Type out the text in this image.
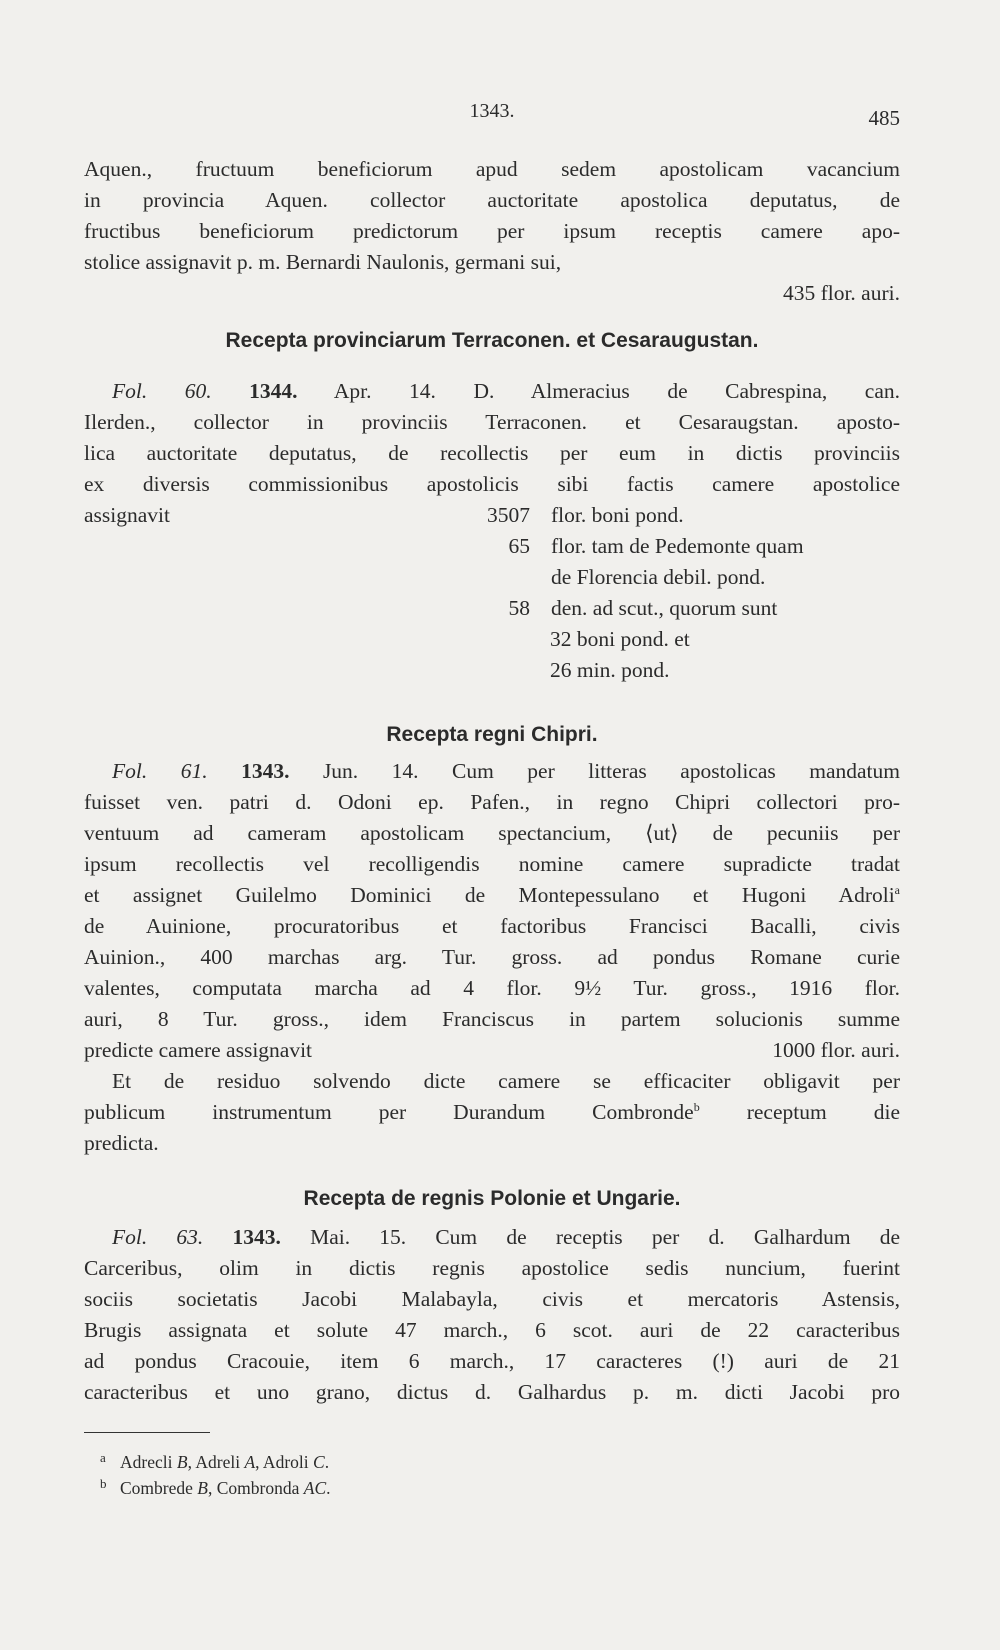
1343.	485
Aquen., fructuum beneficiorum apud sedem apostolicam vacancium
in provincia Aquen. collector auctoritate apostolica deputatus, de
fructibus beneficiorum predictorum per ipsum receptis camere apo-
stolice assignavit p. m. Bernardi Naulonis, germani sui,
435 flor. auri.
Recepta provinciarum Terraconen. et Cesaraugustan.
Fol. 60. 1344. Apr. 14. D. Almeracius de Cabrespina, can.
Ilerden., collector in provinciis Terraconen. et Cesaraugstan. aposto-
lica auctoritate deputatus, de recollectis per eum in dictis provinciis
ex diversis commissionibus apostolicis sibi factis camere apostolice
assignavit	3507 flor. boni pond.
65 flor. tam de Pedemonte quam
de Florencia debil. pond.
58 den. ad scut., quorum sunt
32 boni pond. et
26 min. pond.
Recepta regni Chipri.
Fol. 61. 1343. Jun. 14. Cum per litteras apostolicas mandatum
fuisset ven. patri d. Odoni ep. Pafen., in regno Chipri collectori pro-
ventuum ad cameram apostolicam spectancium, ⟨ut⟩ de pecuniis per
ipsum recollectis vel recolligendis nomine camere supradicte tradat
et assignet Guilelmo Dominici de Montepessulano et Hugoni Adroli$^a$
de Auinione, procuratoribus et factoribus Francisci Bacalli, civis
Auinion., 400 marchas arg. Tur. gross. ad pondus Romane curie
valentes, computata marcha ad 4 flor. 9½ Tur. gross., 1916 flor.
auri, 8 Tur. gross., idem Franciscus in partem solucionis summe
predicte camere assignavit	1000 flor. auri.
Et de residuo solvendo dicte camere se efficaciter obligavit per
publicum instrumentum per Durandum Combronde$^b$ receptum die
predicta.
Recepta de regnis Polonie et Ungarie.
Fol. 63. 1343. Mai. 15. Cum de receptis per d. Galhardum de
Carceribus, olim in dictis regnis apostolice sedis nuncium, fuerint
sociis societatis Jacobi Malabayla, civis et mercatoris Astensis,
Brugis assignata et solute 47 march., 6 scot. auri de 22 caracteribus
ad pondus Cracouie, item 6 march., 17 caracteres (!) auri de 21
caracteribus et uno grano, dictus d. Galhardus p. m. dicti Jacobi pro
a Adrecli B, Adreli A, Adroli C.
b Combrede B, Combronda AC.
